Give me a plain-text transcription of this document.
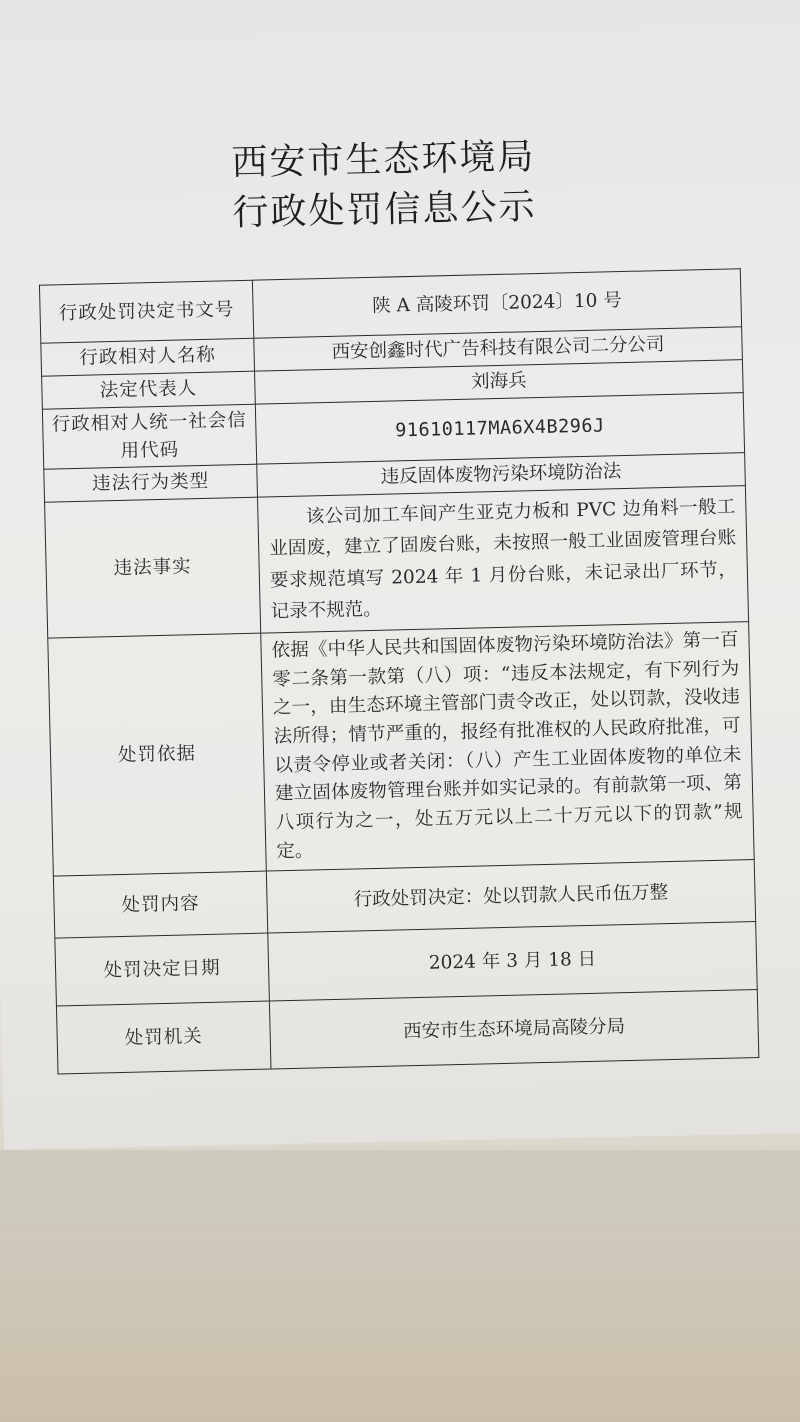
西安市生态环境局
行政处罚信息公示
行政处罚决定书文号	陕 A 高陵环罚〔2024〕10 号
行政相对人名称	西安创鑫时代广告科技有限公司二分公司
法定代表人	刘海兵
行政相对人统一社会信用代码	91610117MA6X4B296J
违法行为类型	违反固体废物污染环境防治法
违法事实	该公司加工车间产生亚克力板和 PVC 边角料一般工业固废，建立了固废台账，未按照一般工业固废管理台账要求规范填写 2024 年 1 月份台账，未记录出厂环节，记录不规范。
处罚依据	依据《中华人民共和国固体废物污染环境防治法》第一百零二条第一款第（八）项：“违反本法规定，有下列行为之一，由生态环境主管部门责令改正，处以罚款，没收违法所得；情节严重的，报经有批准权的人民政府批准，可以责令停业或者关闭：（八）产生工业固体废物的单位未建立固体废物管理台账并如实记录的。有前款第一项、第八项行为之一，处五万元以上二十万元以下的罚款”规定。
处罚内容	行政处罚决定：处以罚款人民币伍万整
处罚决定日期	2024 年 3 月 18 日
处罚机关	西安市生态环境局高陵分局
